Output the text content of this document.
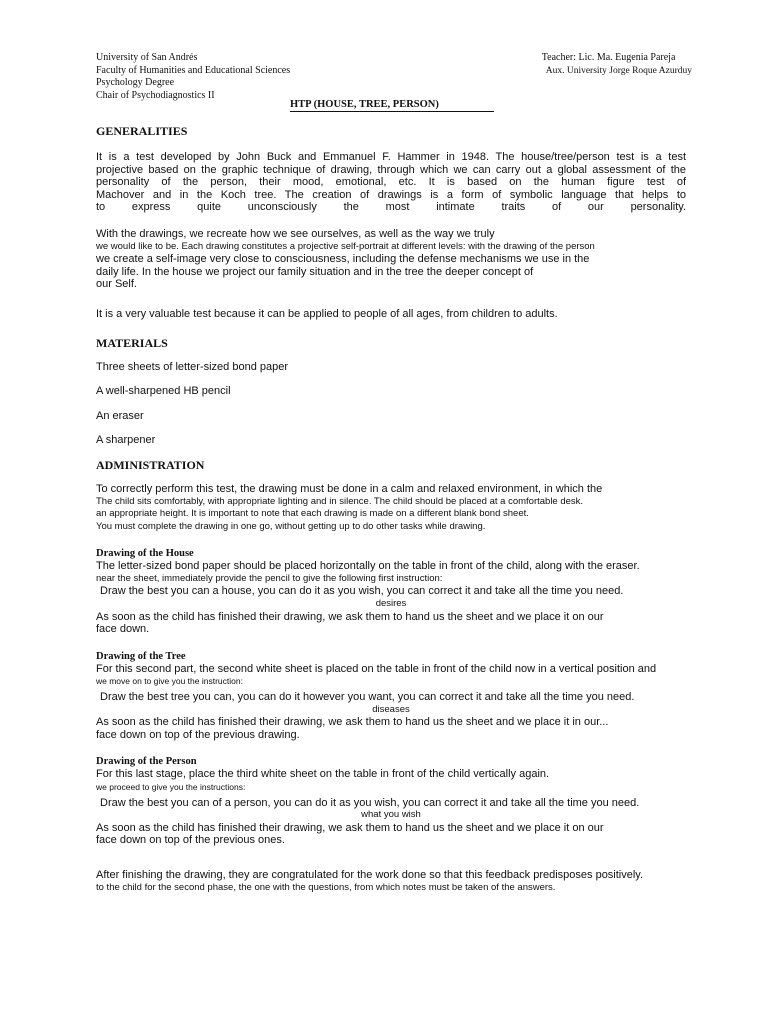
University of San Andrés
Faculty of Humanities and Educational Sciences
Psychology Degree
Chair of Psychodiagnostics II
Teacher: Lic. Ma. Eugenia Pareja
Aux. University Jorge Roque Azurduy
HTP (HOUSE, TREE, PERSON)
GENERALITIES

It is a test developed by John Buck and Emmanuel F. Hammer in 1948. The house/tree/person test is a test

projective based on the graphic technique of drawing, through which we can carry out a global assessment of the

personality of the person, their mood, emotional, etc. It is based on the human figure test of

Machover and in the Koch tree. The creation of drawings is a form of symbolic language that helps to

to express quite unconsciously the most intimate traits of our personality.

With the drawings, we recreate how we see ourselves, as well as the way we truly

we would like to be. Each drawing constitutes a projective self-portrait at different levels: with the drawing of the person

we create a self-image very close to consciousness, including the defense mechanisms we use in the

daily life. In the house we project our family situation and in the tree the deeper concept of

our Self.

It is a very valuable test because it can be applied to people of all ages, from children to adults.

MATERIALS

Three sheets of letter-sized bond paper

A well-sharpened HB pencil

An eraser

A sharpener

ADMINISTRATION

To correctly perform this test, the drawing must be done in a calm and relaxed environment, in which the

The child sits comfortably, with appropriate lighting and in silence. The child should be placed at a comfortable desk.

an appropriate height. It is important to note that each drawing is made on a different blank bond sheet.

You must complete the drawing in one go, without getting up to do other tasks while drawing.

Drawing of the House

The letter-sized bond paper should be placed horizontally on the table in front of the child, along with the eraser.

near the sheet, immediately provide the pencil to give the following first instruction:

Draw the best you can a house, you can do it as you wish, you can correct it and take all the time you need.

desires

As soon as the child has finished their drawing, we ask them to hand us the sheet and we place it on our

face down.

Drawing of the Tree

For this second part, the second white sheet is placed on the table in front of the child now in a vertical position and

we move on to give you the instruction:

Draw the best tree you can, you can do it however you want, you can correct it and take all the time you need.

diseases

As soon as the child has finished their drawing, we ask them to hand us the sheet and we place it in our...

face down on top of the previous drawing.

Drawing of the Person

For this last stage, place the third white sheet on the table in front of the child vertically again.

we proceed to give you the instructions:

Draw the best you can of a person, you can do it as you wish, you can correct it and take all the time you need.

what you wish

As soon as the child has finished their drawing, we ask them to hand us the sheet and we place it on our

face down on top of the previous ones.

After finishing the drawing, they are congratulated for the work done so that this feedback predisposes positively.

to the child for the second phase, the one with the questions, from which notes must be taken of the answers.
